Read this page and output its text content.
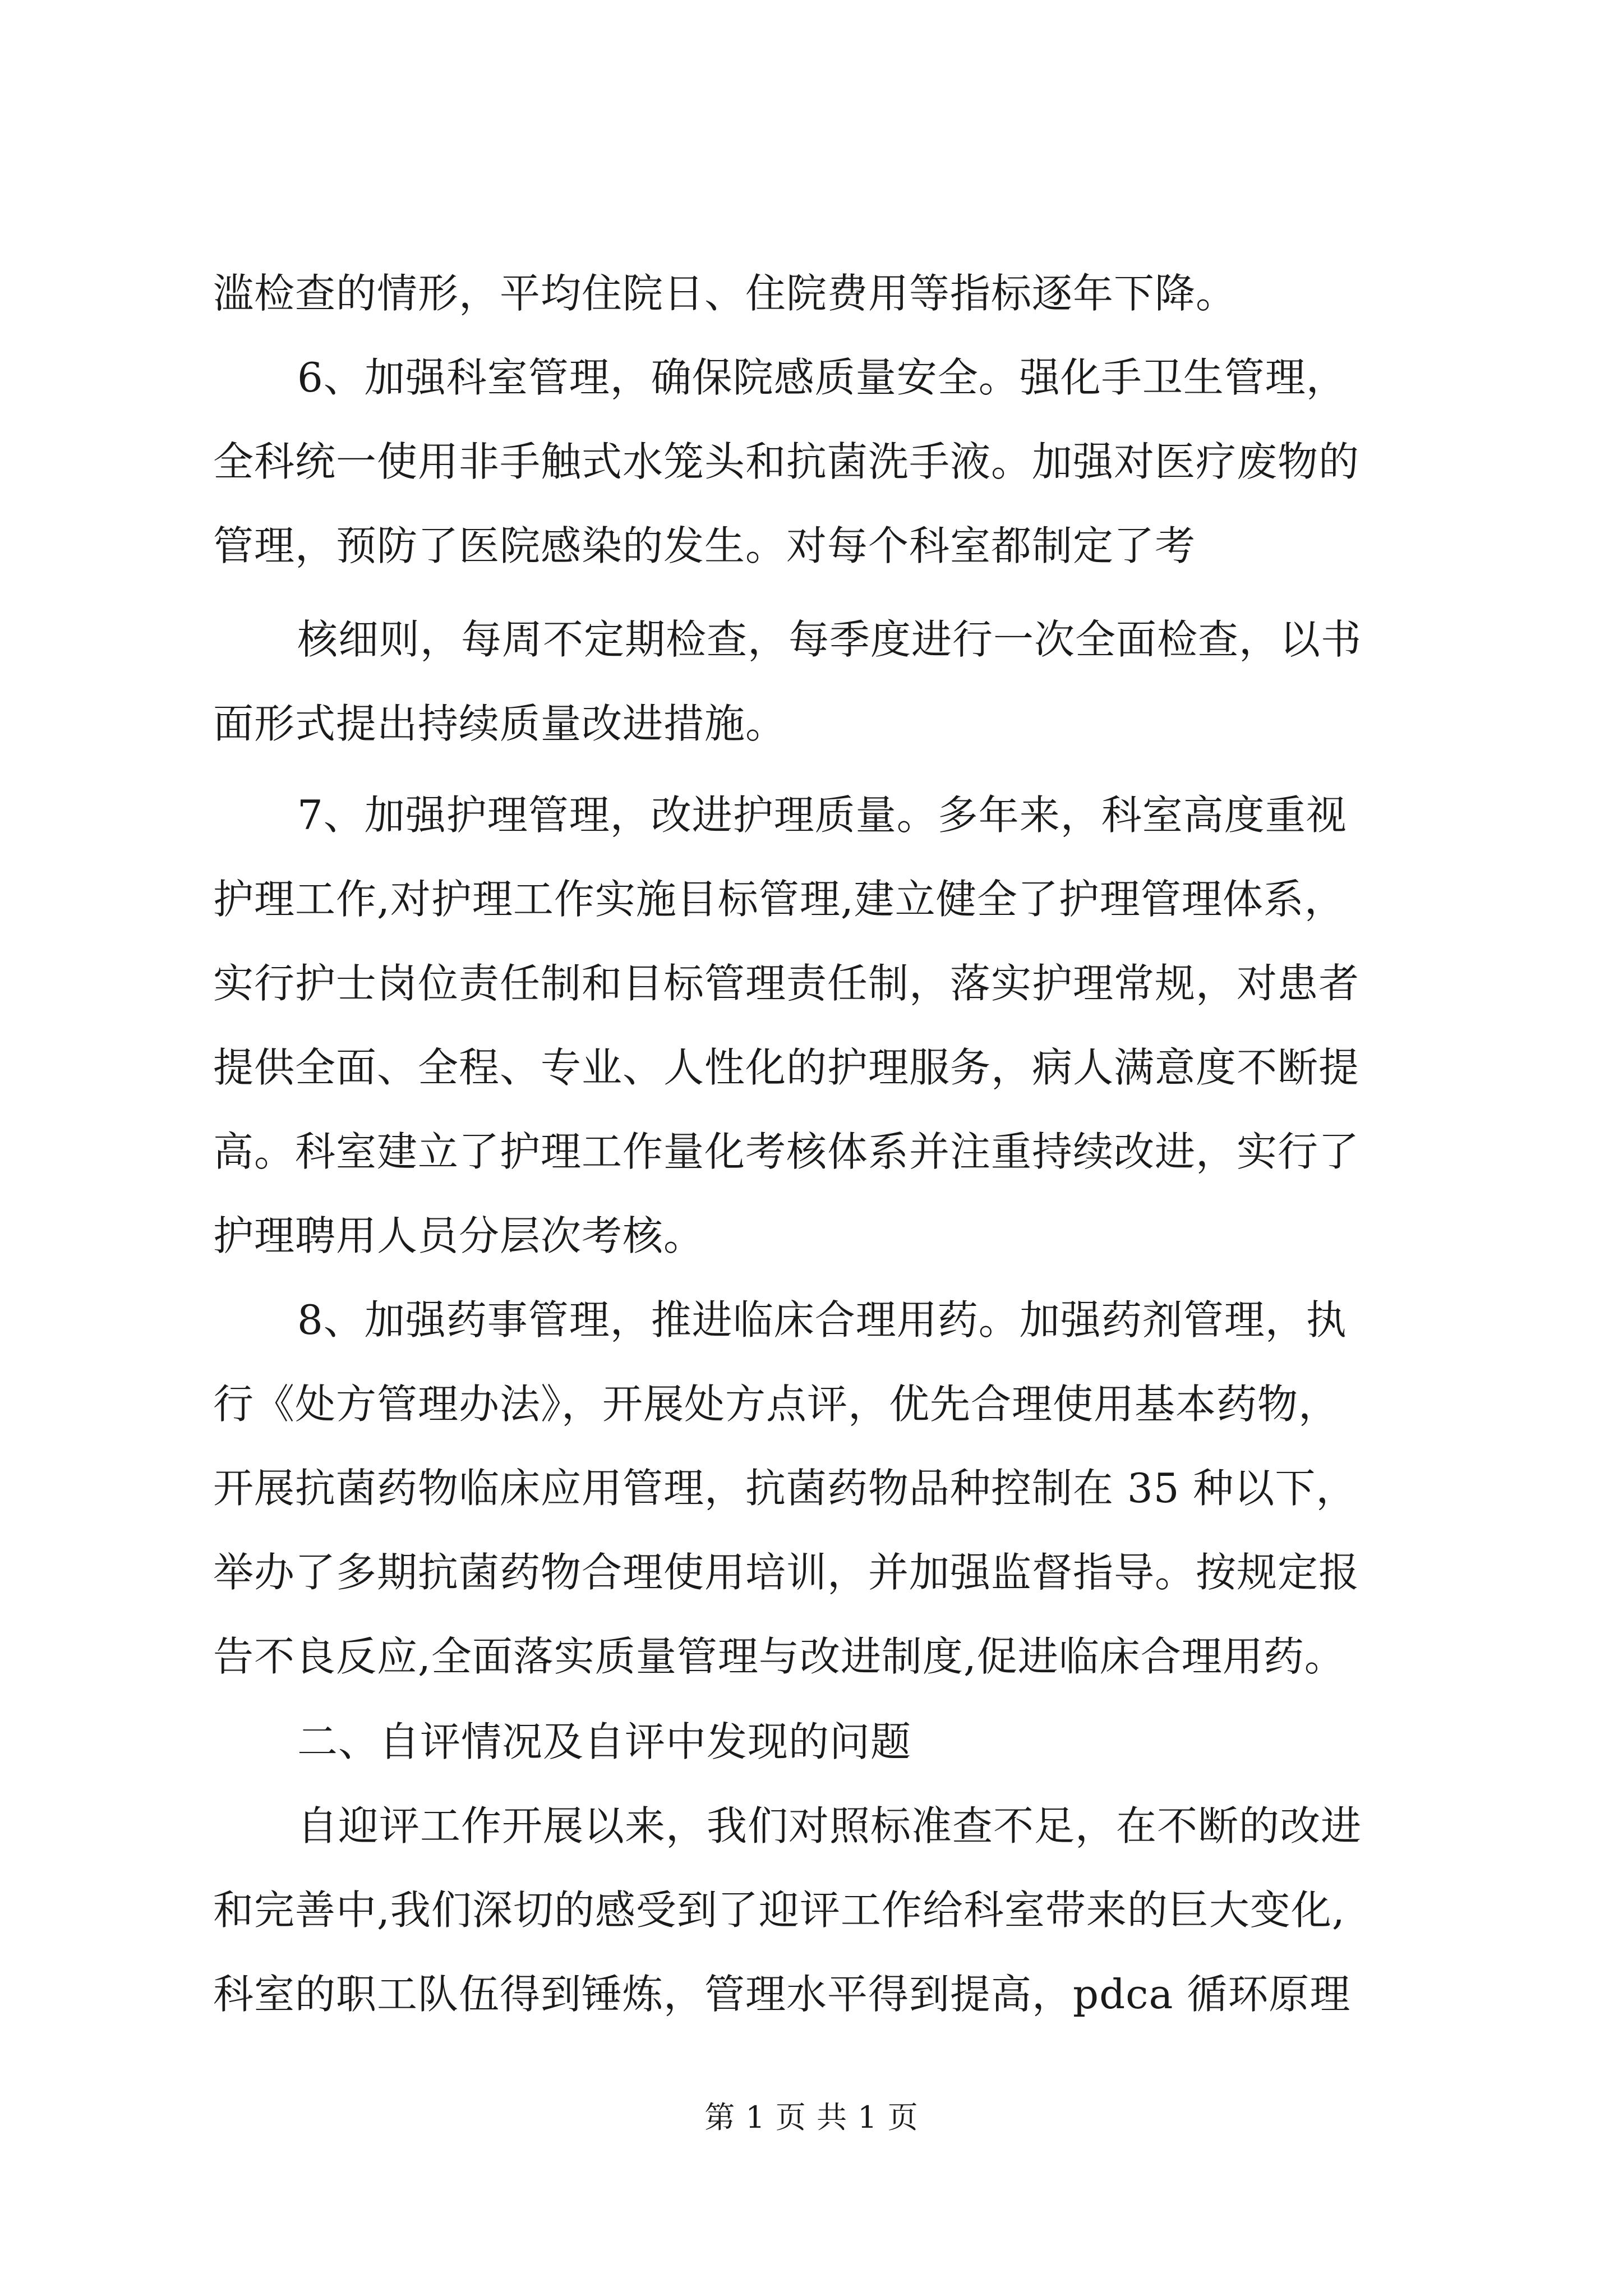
滥检查的情形，平均住院日、住院费用等指标逐年下降。
6、加强科室管理，确保院感质量安全。强化手卫生管理，
全科统一使用非手触式水笼头和抗菌洗手液。加强对医疗废物的
管理，预防了医院感染的发生。对每个科室都制定了考
核细则，每周不定期检查，每季度进行一次全面检查，以书
面形式提出持续质量改进措施。
7、加强护理管理，改进护理质量。多年来，科室高度重视
护理工作,对护理工作实施目标管理,建立健全了护理管理体系，
实行护士岗位责任制和目标管理责任制，落实护理常规，对患者
提供全面、全程、专业、人性化的护理服务，病人满意度不断提
高。科室建立了护理工作量化考核体系并注重持续改进，实行了
护理聘用人员分层次考核。
8、加强药事管理，推进临床合理用药。加强药剂管理，执
行《处方管理办法》，开展处方点评，优先合理使用基本药物，
开展抗菌药物临床应用管理，抗菌药物品种控制在 35 种以下，
举办了多期抗菌药物合理使用培训，并加强监督指导。按规定报
告不良反应,全面落实质量管理与改进制度,促进临床合理用药。
二、自评情况及自评中发现的问题
自迎评工作开展以来，我们对照标准查不足，在不断的改进
和完善中,我们深切的感受到了迎评工作给科室带来的巨大变化,
科室的职工队伍得到锤炼，管理水平得到提高，pdca 循环原理
第 1 页 共 1 页
